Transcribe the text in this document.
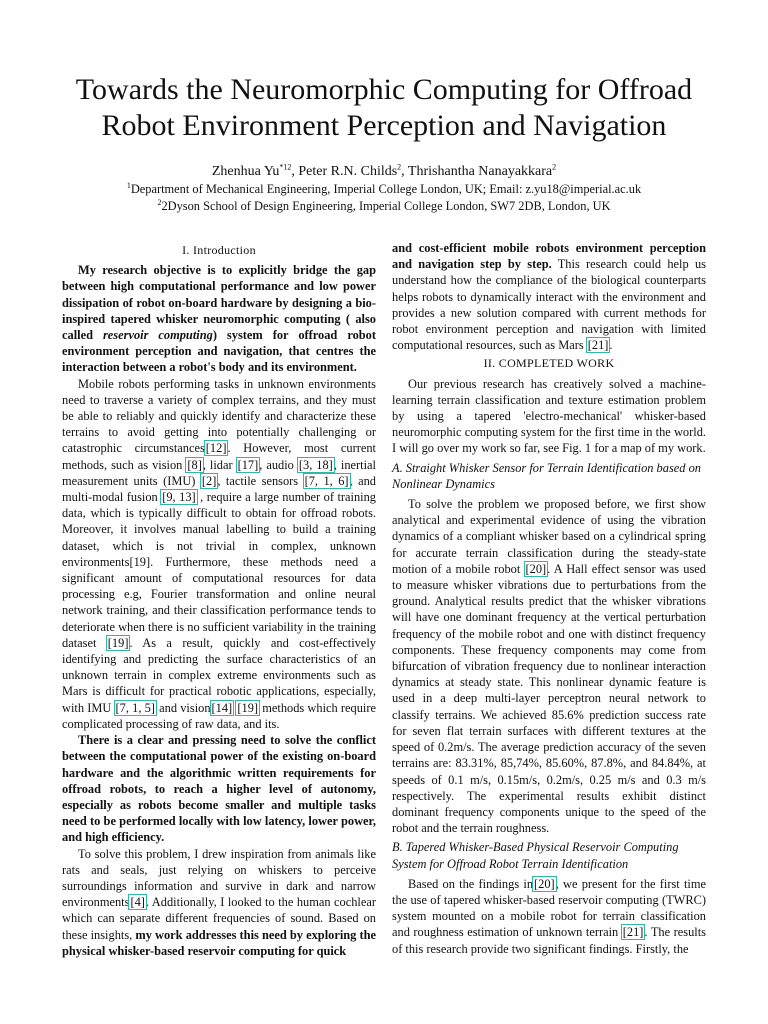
Towards the Neuromorphic Computing for Offroad
Robot Environment Perception and Navigation

Zhenhua Yu$^{*12}$, Peter R.N. Childs$^2$, Thrishantha Nanayakkara$^2$

$^1$Department of Mechanical Engineering, Imperial College London, UK; Email: z.yu18@imperial.ac.uk

$^2$2Dyson School of Design Engineering, Imperial College London, SW7 2DB, London, UK

I. Introduction

My research objective is to explicitly bridge the gap between high computational performance and low power dissipation of robot on-board hardware by designing a bio-inspired tapered whisker neuromorphic computing ( also called reservoir computing) system for offroad robot environment perception and navigation, that centres the interaction between a robot's body and its environment.

Mobile robots performing tasks in unknown environments need to traverse a variety of complex terrains, and they must be able to reliably and quickly identify and characterize these terrains to avoid getting into potentially challenging or catastrophic circumstances[12]. However, most current methods, such as vision [8], lidar [17], audio [3, 18], inertial measurement units (IMU) [2], tactile sensors [7, 1, 6], and multi-modal fusion [9, 13] , require a large number of training data, which is typically difficult to obtain for offroad robots. Moreover, it involves manual labelling to build a training dataset, which is not trivial in complex, unknown environments[19]. Furthermore, these methods need a significant amount of computational resources for data processing e.g, Fourier transformation and online neural network training, and their classification performance tends to deteriorate when there is no sufficient variability in the training dataset [19]. As a result, quickly and cost-effectively identifying and predicting the surface characteristics of an unknown terrain in complex extreme environments such as Mars is difficult for practical robotic applications, especially, with IMU [7, 1, 5] and vision[14] [19] methods which require complicated processing of raw data, and its.

There is a clear and pressing need to solve the conflict between the computational power of the existing on-board hardware and the algorithmic written requirements for offroad robots, to reach a higher level of autonomy, especially as robots become smaller and multiple tasks need to be performed locally with low latency, lower power, and high efficiency.

To solve this problem, I drew inspiration from animals like rats and seals, just relying on whiskers to perceive surroundings information and survive in dark and narrow environments[4]. Additionally, I looked to the human cochlear which can separate different frequencies of sound. Based on these insights, my work addresses this need by exploring the physical whisker-based reservoir computing for quick

and cost-efficient mobile robots environment perception and navigation step by step. This research could help us understand how the compliance of the biological counterparts helps robots to dynamically interact with the environment and provides a new solution compared with current methods for robot environment perception and navigation with limited computational resources, such as Mars [21].

II. COMPLETED WORK

Our previous research has creatively solved a machine-learning terrain classification and texture estimation problem by using a tapered 'electro-mechanical' whisker-based neuromorphic computing system for the first time in the world. I will go over my work so far, see Fig. 1 for a map of my work.

A. Straight Whisker Sensor for Terrain Identification based on Nonlinear Dynamics

To solve the problem we proposed before, we first show analytical and experimental evidence of using the vibration dynamics of a compliant whisker based on a cylindrical spring for accurate terrain classification during the steady-state motion of a mobile robot [20]. A Hall effect sensor was used to measure whisker vibrations due to perturbations from the ground. Analytical results predict that the whisker vibrations will have one dominant frequency at the vertical perturbation frequency of the mobile robot and one with distinct frequency components. These frequency components may come from bifurcation of vibration frequency due to nonlinear interaction dynamics at steady state. This nonlinear dynamic feature is used in a deep multi-layer perceptron neural network to classify terrains. We achieved 85.6% prediction success rate for seven flat terrain surfaces with different textures at the speed of 0.2m/s. The average prediction accuracy of the seven terrains are: 83.31%, 85,74%, 85.60%, 87.8%, and 84.84%, at speeds of 0.1 m/s, 0.15m/s, 0.2m/s, 0.25 m/s and 0.3 m/s respectively. The experimental results exhibit distinct dominant frequency components unique to the speed of the robot and the terrain roughness.

B. Tapered Whisker-Based Physical Reservoir Computing System for Offroad Robot Terrain Identification

Based on the findings in[20], we present for the first time the use of tapered whisker-based reservoir computing (TWRC) system mounted on a mobile robot for terrain classification and roughness estimation of unknown terrain [21]. The results of this research provide two significant findings. Firstly, the
